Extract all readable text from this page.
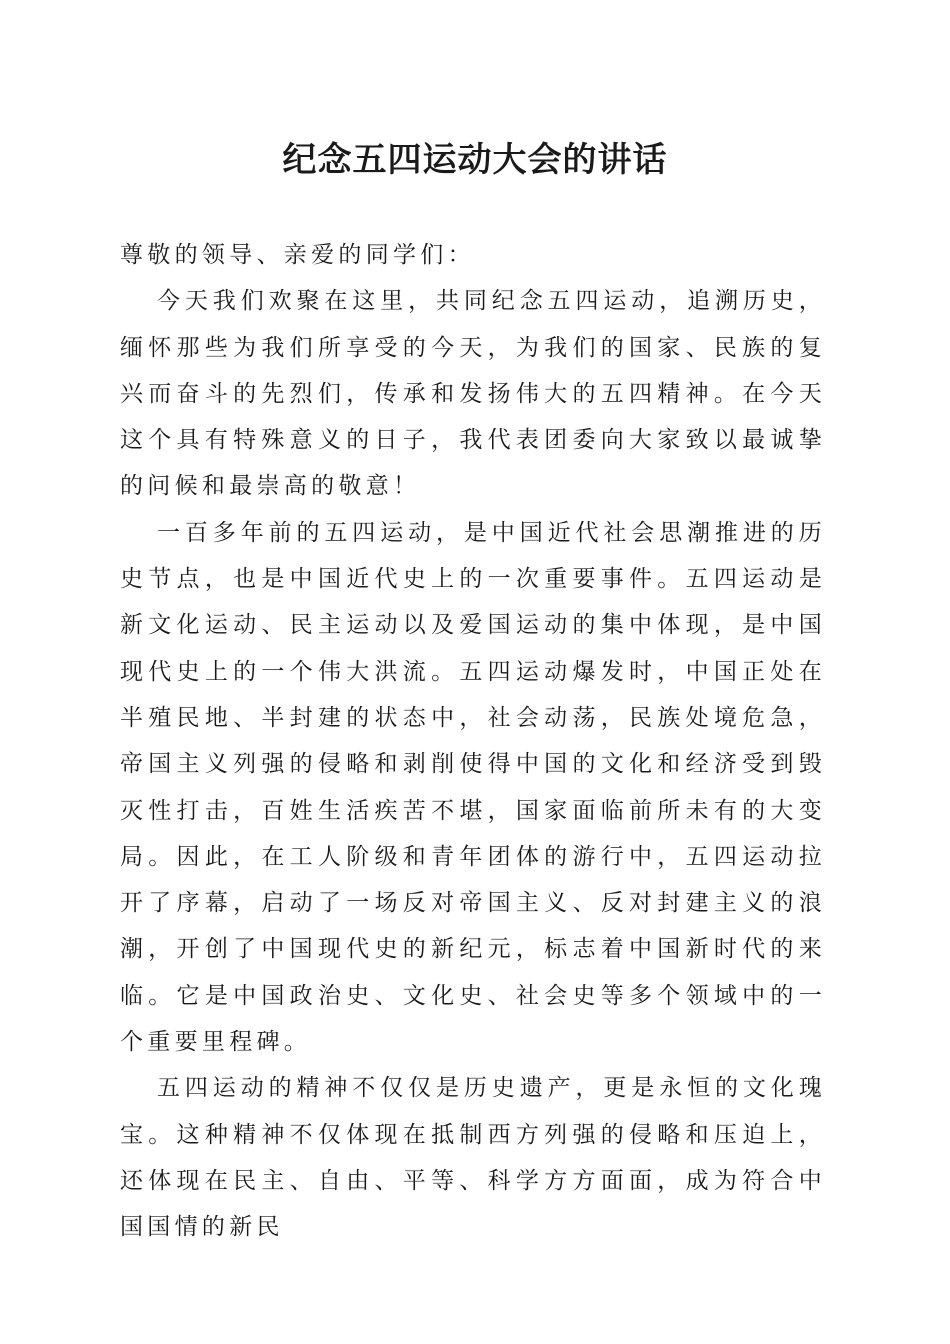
纪念五四运动大会的讲话

尊敬的领导、亲爱的同学们：

今天我们欢聚在这里，共同纪念五四运动，追溯历史，缅怀那些为我们所享受的今天，为我们的国家、民族的复兴而奋斗的先烈们，传承和发扬伟大的五四精神。在今天这个具有特殊意义的日子，我代表团委向大家致以最诚挚的问候和最崇高的敬意！

一百多年前的五四运动，是中国近代社会思潮推进的历史节点，也是中国近代史上的一次重要事件。五四运动是新文化运动、民主运动以及爱国运动的集中体现，是中国现代史上的一个伟大洪流。五四运动爆发时，中国正处在半殖民地、半封建的状态中，社会动荡，民族处境危急，帝国主义列强的侵略和剥削使得中国的文化和经济受到毁灭性打击，百姓生活疾苦不堪，国家面临前所未有的大变局。因此，在工人阶级和青年团体的游行中，五四运动拉开了序幕，启动了一场反对帝国主义、反对封建主义的浪潮，开创了中国现代史的新纪元，标志着中国新时代的来临。它是中国政治史、文化史、社会史等多个领域中的一个重要里程碑。

五四运动的精神不仅仅是历史遗产，更是永恒的文化瑰宝。这种精神不仅体现在抵制西方列强的侵略和压迫上，还体现在民主、自由、平等、科学方方面面，成为符合中国国情的新民
